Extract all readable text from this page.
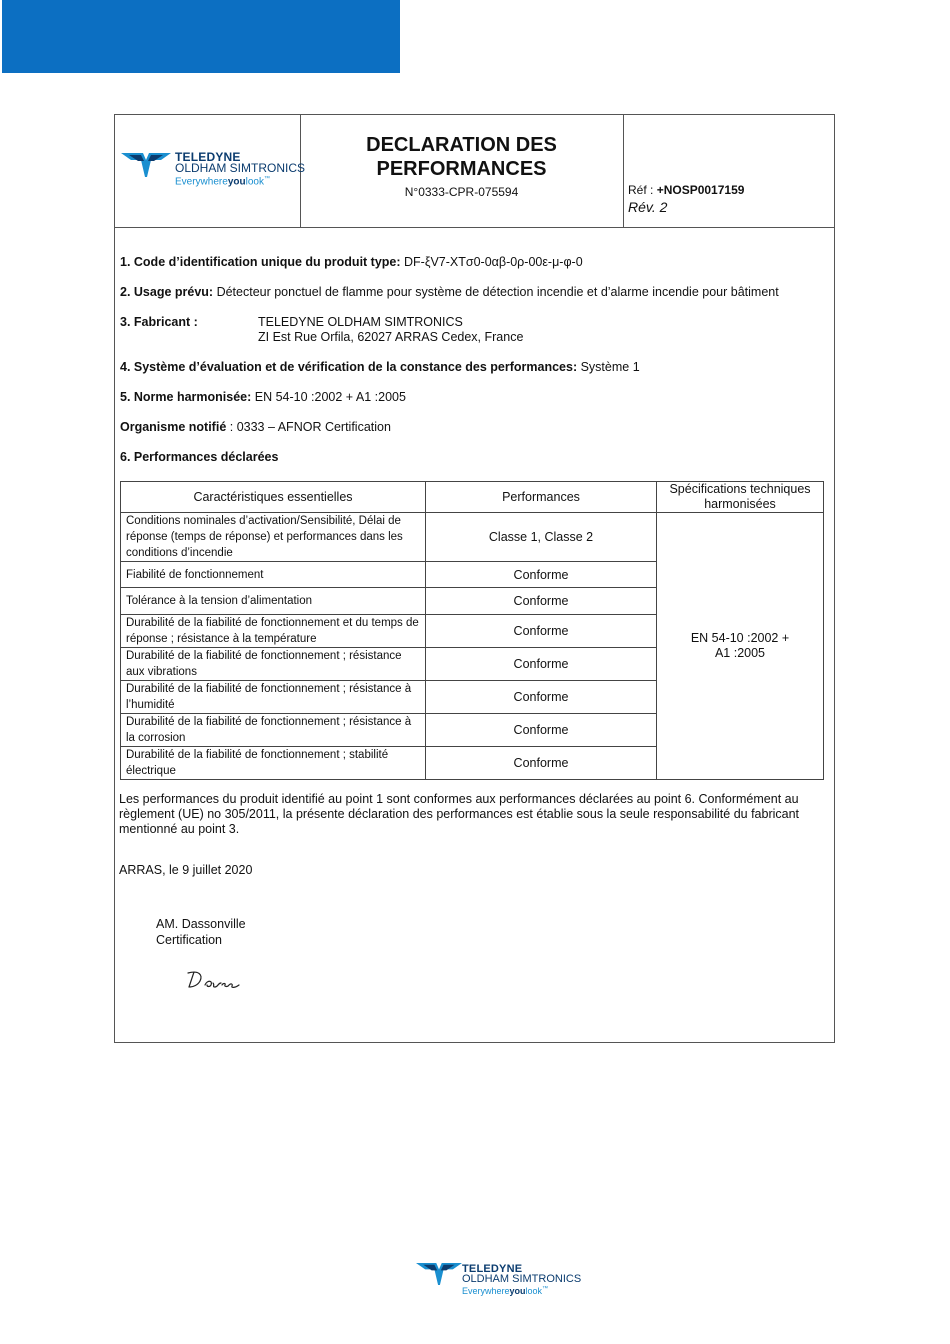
TELEDYNE
OLDHAM SIMTRONICS
Everywhereyoulook™
DECLARATION DES
PERFORMANCES
N°0333-CPR-075594	Réf : +NOSP0017159
Rév. 2
1. Code d’identification unique du produit type: DF-ξV7-XTσ0-0αβ-0ρ-00ε-μ-φ-0
2. Usage prévu: Détecteur ponctuel de flamme pour système de détection incendie et d’alarme incendie pour bâtiment
3. Fabricant :	TELEDYNE OLDHAM SIMTRONICS
ZI Est Rue Orfila, 62027 ARRAS Cedex, France
4. Système d’évaluation et de vérification de la constance des performances: Système 1
5. Norme harmonisée: EN 54-10 :2002 + A1 :2005
Organisme notifié : 0333 – AFNOR Certification
6. Performances déclarées
Caractéristiques essentielles	Performances	Spécifications techniques harmonisées
Conditions nominales d’activation/Sensibilité, Délai de réponse (temps de réponse) et performances dans les conditions d’incendie	Classe 1, Classe 2	EN 54-10 :2002 + A1 :2005

Fiabilité de fonctionnement	Conforme	
Tolérance à la tension d’alimentation	Conforme	
Durabilité de la fiabilité de fonctionnement et du temps de réponse ; résistance à la température	Conforme	
Durabilité de la fiabilité de fonctionnement ; résistance aux vibrations	Conforme	
Durabilité de la fiabilité de fonctionnement ; résistance à l’humidité	Conforme	
Durabilité de la fiabilité de fonctionnement ; résistance à la corrosion	Conforme	
Durabilité de la fiabilité de fonctionnement ; stabilité électrique	Conforme	
Les performances du produit identifié au point 1 sont conformes aux performances déclarées au point 6. Conformément au règlement (UE) no 305/2011, la présente déclaration des performances est établie sous la seule responsabilité du fabricant mentionné au point 3.
ARRAS, le 9 juillet 2020
AM. Dassonville
Certification
TELEDYNE
OLDHAM SIMTRONICS
Everywhereyoulook™
